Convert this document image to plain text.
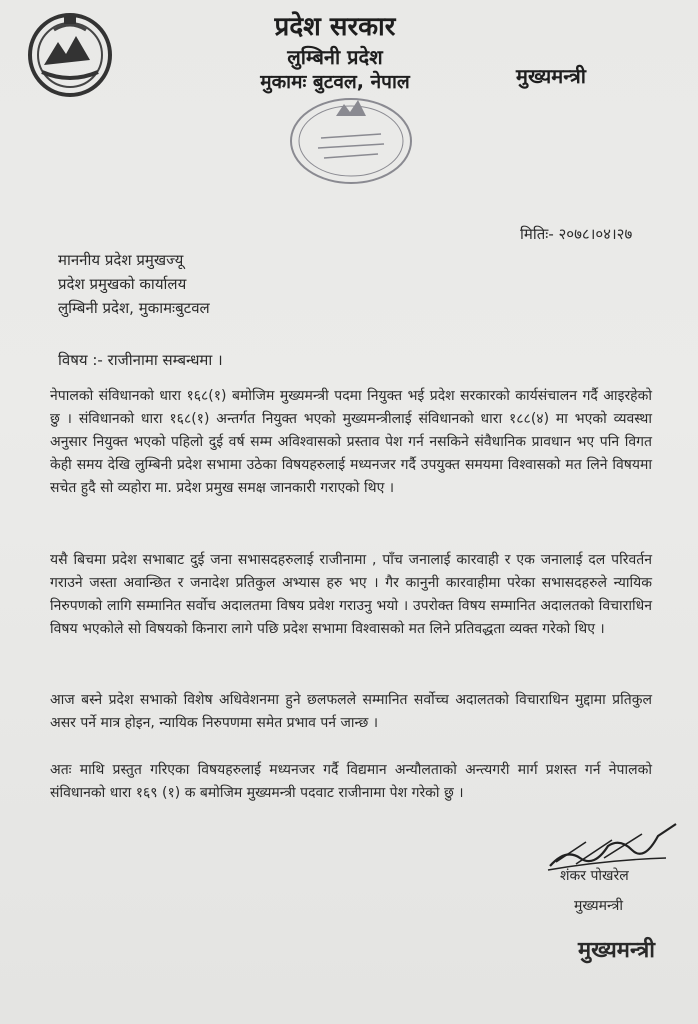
प्रदेश सरकार
लुम्बिनी प्रदेश
मुकामः बुटवल, नेपाल	मुख्यमन्त्री
मितिः- २०७८।०४।२७
माननीय प्रदेश प्रमुखज्यू
प्रदेश प्रमुखको कार्यालय
लुम्बिनी प्रदेश, मुकामःबुटवल
विषय :- राजीनामा सम्बन्धमा ।
नेपालको संविधानको धारा १६८(१) बमोजिम मुख्यमन्त्री पदमा नियुक्त भई प्रदेश सरकारको कार्यसंचालन गर्दै आइरहेको छु । संविधानको धारा १६८(१) अन्तर्गत नियुक्त भएको मुख्यमन्त्रीलाई संविधानको धारा १८८(४) मा भएको व्यवस्था अनुसार नियुक्त भएको पहिलो दुई वर्ष सम्म अविश्वासको प्रस्ताव पेश गर्न नसकिने संवैधानिक प्रावधान भए पनि विगत केही समय देखि लुम्बिनी प्रदेश सभामा उठेका विषयहरुलाई मध्यनजर गर्दै उपयुक्त समयमा विश्वासको मत लिने विषयमा सचेत हुदै सो व्यहोरा मा. प्रदेश प्रमुख समक्ष जानकारी गराएको थिए ।
यसै बिचमा प्रदेश सभाबाट दुई जना सभासदहरुलाई राजीनामा , पाँच जनालाई कारवाही र एक जनालाई दल परिवर्तन गराउने जस्ता अवान्छित र जनादेश प्रतिकुल अभ्यास हरु भए । गैर कानुनी कारवाहीमा परेका सभासदहरुले न्यायिक निरुपणको लागि सम्मानित सर्वोच अदालतमा विषय प्रवेश गराउनु भयो । उपरोक्त विषय सम्मानित अदालतको विचाराधिन विषय भएकोले सो विषयको किनारा लागे पछि प्रदेश सभामा विश्वासको मत लिने प्रतिवद्धता व्यक्त गरेको थिए ।
आज बस्ने प्रदेश सभाको विशेष अधिवेशनमा हुने छलफलले सम्मानित सर्वोच्च अदालतको विचाराधिन मुद्दामा प्रतिकुल असर पर्ने मात्र होइन, न्यायिक निरुपणमा समेत प्रभाव पर्न जान्छ ।
अतः माथि प्रस्तुत गरिएका विषयहरुलाई मध्यनजर गर्दै विद्यमान अन्यौलताको अन्त्यगरी मार्ग प्रशस्त गर्न नेपालको संविधानको धारा १६९ (१) क बमोजिम मुख्यमन्त्री पदवाट राजीनामा पेश गरेको छु ।
शंकर पोखरेल
मुख्यमन्त्री
मुख्यमन्त्री
